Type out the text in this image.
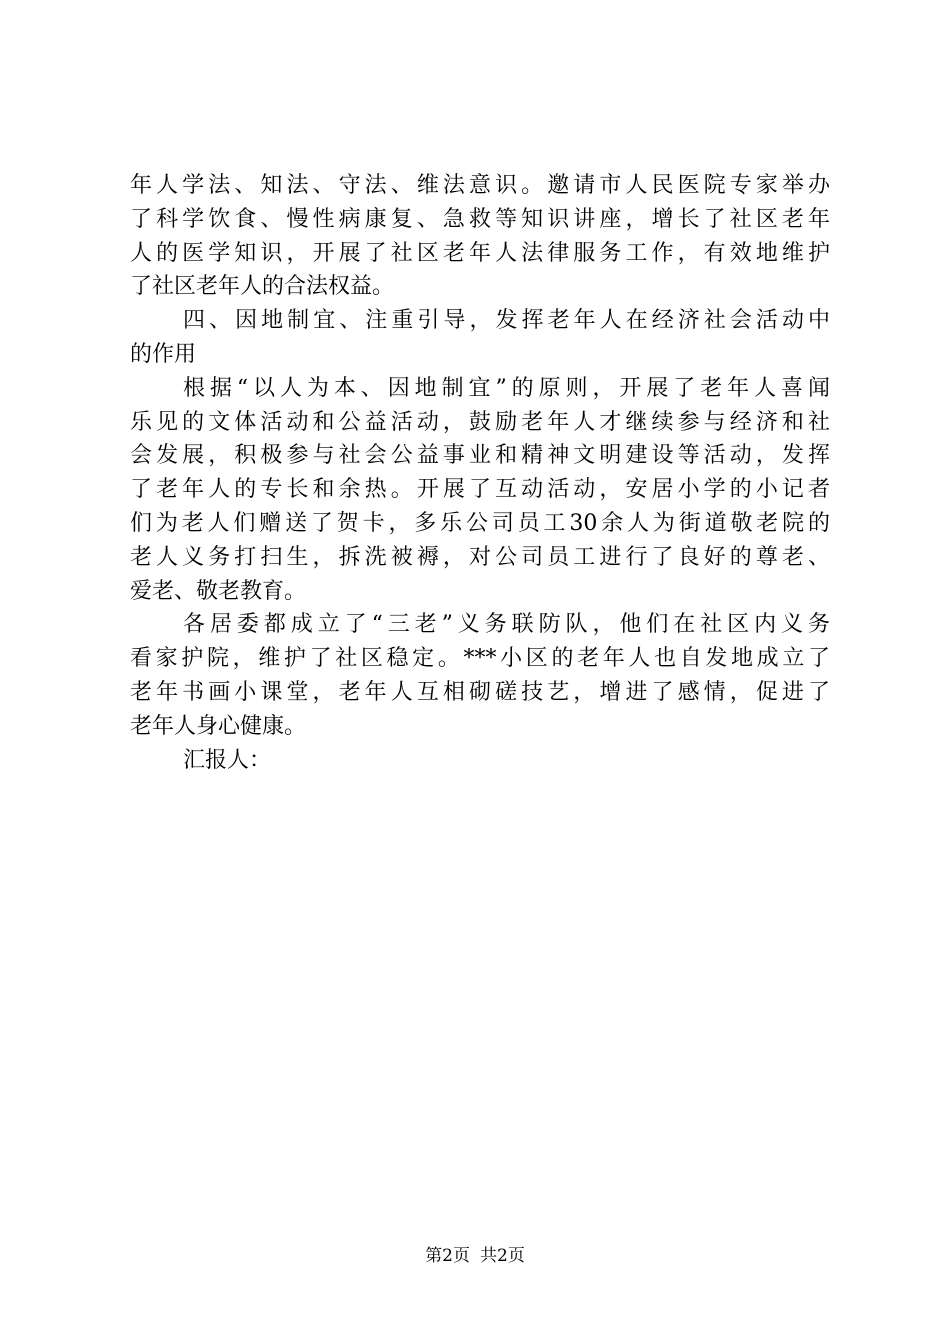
年人学法、知法、守法、维法意识。邀请市人民医院专家举办
了科学饮食、慢性病康复、急救等知识讲座，增长了社区老年
人的医学知识，开展了社区老年人法律服务工作，有效地维护
了社区老年人的合法权益。
四、因地制宜、注重引导，发挥老年人在经济社会活动中
的作用
根据“以人为本、因地制宜”的原则，开展了老年人喜闻
乐见的文体活动和公益活动，鼓励老年人才继续参与经济和社
会发展，积极参与社会公益事业和精神文明建设等活动，发挥
了老年人的专长和余热。开展了互动活动，安居小学的小记者
们为老人们赠送了贺卡，多乐公司员工30余人为街道敬老院的
老人义务打扫生，拆洗被褥，对公司员工进行了良好的尊老、
爱老、敬老教育。
各居委都成立了“三老”义务联防队，他们在社区内义务
看家护院，维护了社区稳定。***小区的老年人也自发地成立了
老年书画小课堂，老年人互相砌磋技艺，增进了感情，促进了
老年人身心健康。
汇报人：
第2页 共2页
